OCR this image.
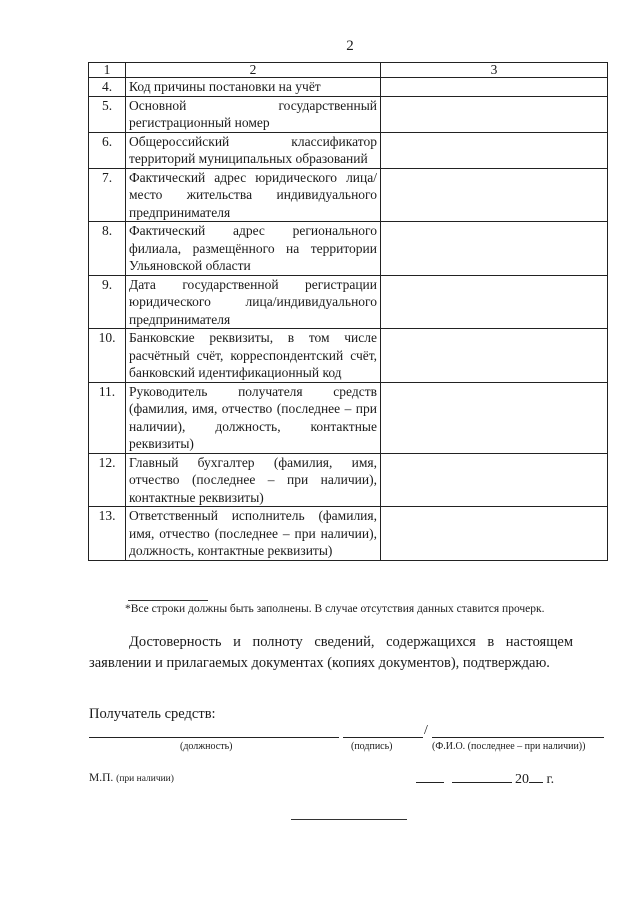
2
1	2	3
4.	Код причины постановки на учёт	
5.	Основной государственный регистрационный номер	
6.	Общероссийский классификатор территорий муниципальных образований	
7.	Фактический адрес юридического лица/место жительства индивидуального предпринимателя	
8.	Фактический адрес регионального филиала, размещённого на территории Ульяновской области	
9.	Дата государственной регистрации юридического лица/индивидуального предпринимателя	
10.	Банковские реквизиты, в том числе расчётный счёт, корреспондентский счёт, банковский идентификационный код	
11.	Руководитель получателя средств (фамилия, имя, отчество (последнее – при наличии), должность, контактные реквизиты)	
12.	Главный бухгалтер (фамилия, имя, отчество (последнее – при наличии), контактные реквизиты)	
13.	Ответственный исполнитель (фамилия, имя, отчество (последнее – при наличии), должность, контактные реквизиты)	
*Все строки должны быть заполнены. В случае отсутствия данных ставится прочерк.
Достоверность и полноту сведений, содержащихся в настоящем заявлении и прилагаемых документах (копиях документов), подтверждаю.
Получатель средств:
/
(должность)	(подпись)	(Ф.И.О. (последнее – при наличии))
М.П. (при наличии)	20 г.
